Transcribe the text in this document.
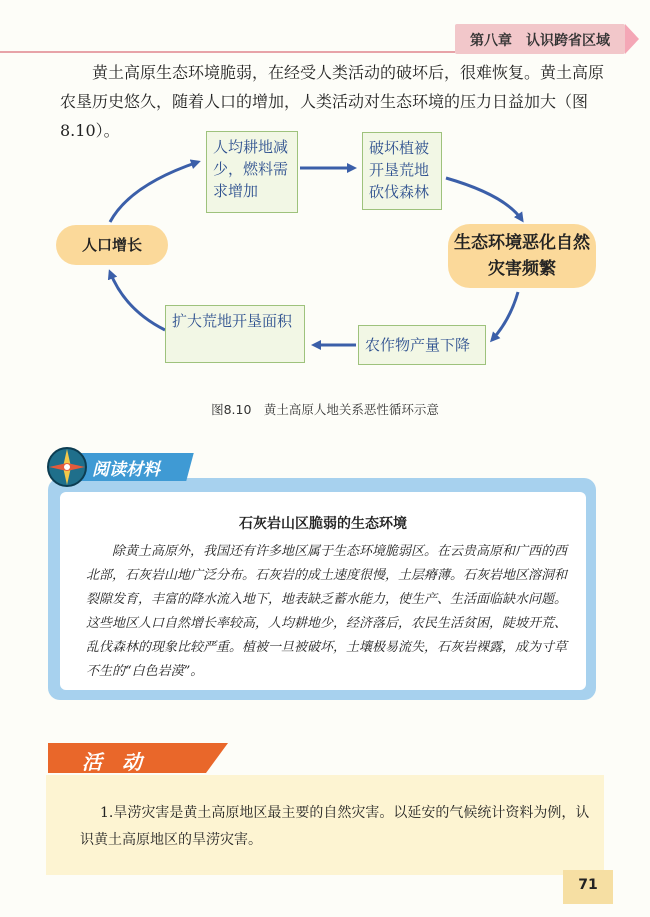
第八章　认识跨省区域
黄土高原生态环境脆弱，在经受人类活动的破坏后，很难恢复。黄土高原农垦历史悠久，随着人口的增加，人类活动对生态环境的压力日益加大（图8.10）。
人均耕地减少，燃料需求增加
破坏植被开垦荒地砍伐森林
生态环境恶化自然灾害频繁
农作物产量下降
扩大荒地开垦面积
人口增长
图8.10　黄土高原人地关系恶性循环示意
阅读材料
石灰岩山区脆弱的生态环境
除黄土高原外，我国还有许多地区属于生态环境脆弱区。在云贵高原和广西的西北部，石灰岩山地广泛分布。石灰岩的成土速度很慢，土层瘠薄。石灰岩地区溶洞和裂隙发育，丰富的降水流入地下，地表缺乏蓄水能力，使生产、生活面临缺水问题。这些地区人口自然增长率较高，人均耕地少，经济落后，农民生活贫困，陡坡开荒、乱伐森林的现象比较严重。植被一旦被破坏，土壤极易流失，石灰岩裸露，成为寸草不生的“白色岩漠”。
活　动
1.旱涝灾害是黄土高原地区最主要的自然灾害。以延安的气候统计资料为例，认识黄土高原地区的旱涝灾害。
71
